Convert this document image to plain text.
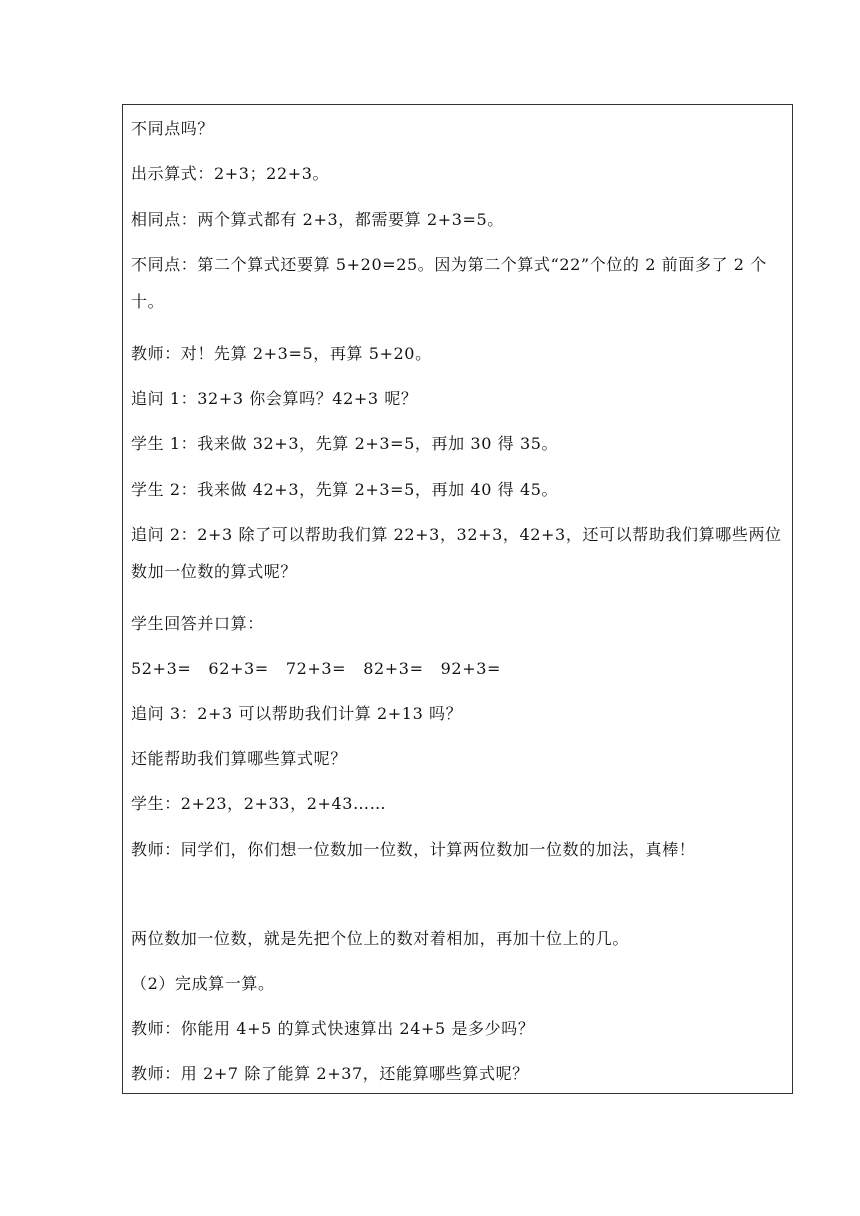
不同点吗？
出示算式：2+3；22+3。
相同点：两个算式都有 2+3，都需要算 2+3=5。
不同点：第二个算式还要算 5+20=25。因为第二个算式“22”个位的 2 前面多了 2 个十。
教师：对！先算 2+3=5，再算 5+20。
追问 1：32+3 你会算吗？42+3 呢？
学生 1：我来做 32+3，先算 2+3=5，再加 30 得 35。
学生 2：我来做 42+3，先算 2+3=5，再加 40 得 45。
追问 2：2+3 除了可以帮助我们算 22+3，32+3，42+3，还可以帮助我们算哪些两位数加一位数的算式呢？
学生回答并口算：
52+3=   62+3=   72+3=   82+3=   92+3=
追问 3：2+3 可以帮助我们计算 2+13 吗？
还能帮助我们算哪些算式呢？
学生：2+23，2+33，2+43……
教师：同学们，你们想一位数加一位数，计算两位数加一位数的加法，真棒！
两位数加一位数，就是先把个位上的数对着相加，再加十位上的几。
（2）完成算一算。
教师：你能用 4+5 的算式快速算出 24+5 是多少吗？
教师：用 2+7 除了能算 2+37，还能算哪些算式呢？
